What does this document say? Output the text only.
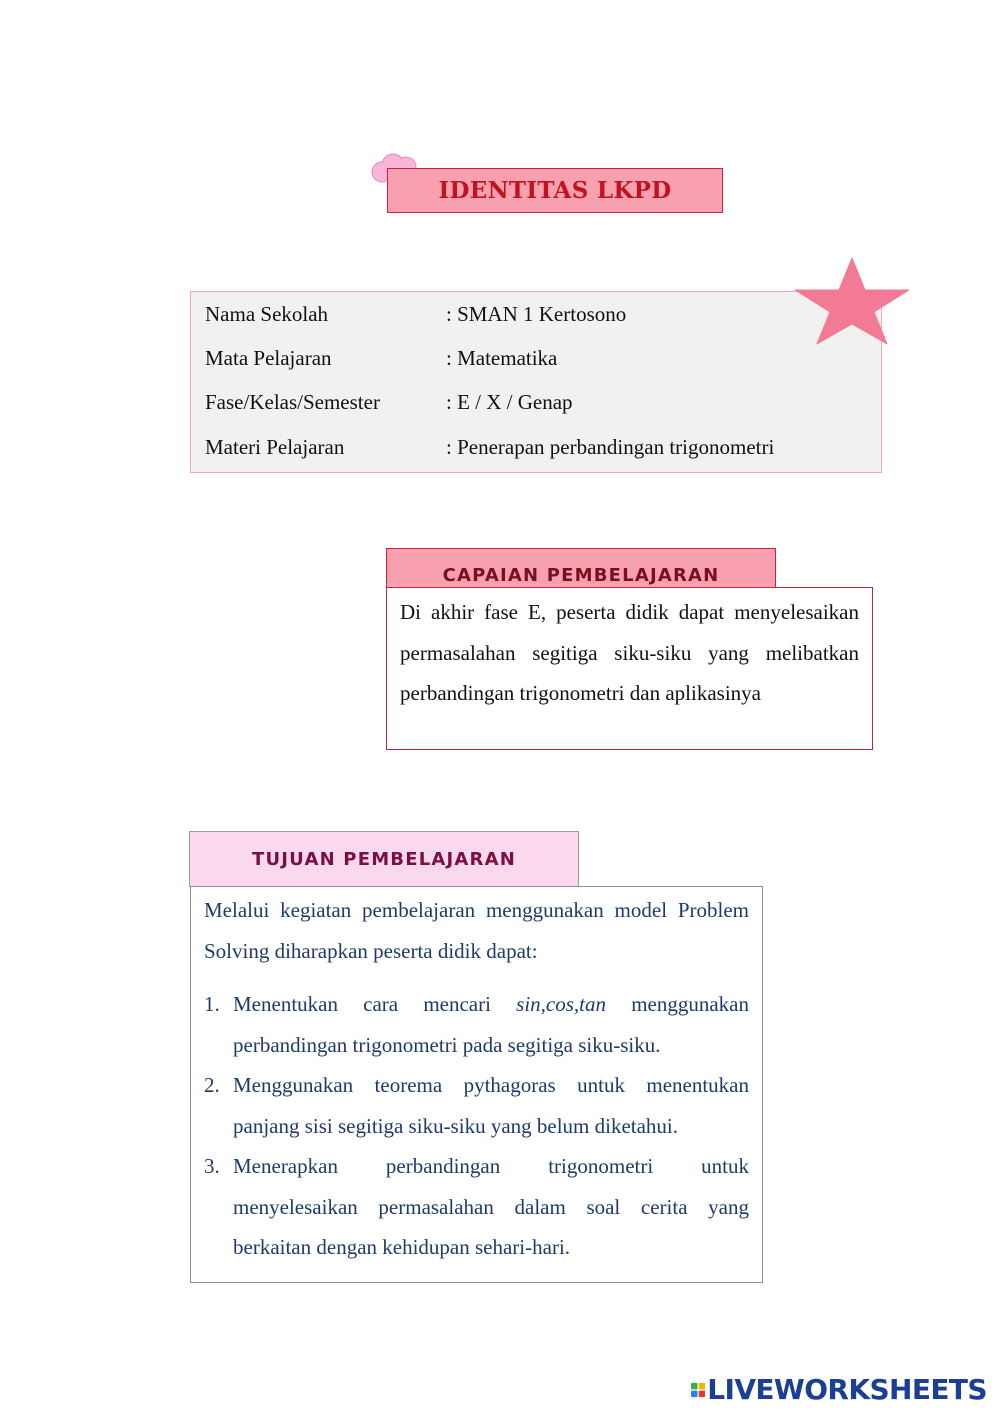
IDENTITAS LKPD
Nama Sekolah	: SMAN 1 Kertosono
Mata Pelajaran	: Matematika
Fase/Kelas/Semester	: E / X / Genap
Materi Pelajaran	: Penerapan perbandingan trigonometri
CAPAIAN PEMBELAJARAN

Di akhir fase E, peserta didik dapat menyelesaikan permasalahan segitiga siku-siku yang melibatkan perbandingan trigonometri dan aplikasinya

TUJUAN PEMBELAJARAN

Melalui kegiatan pembelajaran menggunakan model Problem Solving diharapkan peserta didik dapat:

1. Menentukan cara mencari sin,cos,tan menggunakan perbandingan trigonometri pada segitiga siku-siku.
2. Menggunakan teorema pythagoras untuk menentukan panjang sisi segitiga siku-siku yang belum diketahui.
3. Menerapkan perbandingan trigonometri untuk menyelesaikan permasalahan dalam soal cerita yang berkaitan dengan kehidupan sehari-hari.
LIVEWORKSHEETS
